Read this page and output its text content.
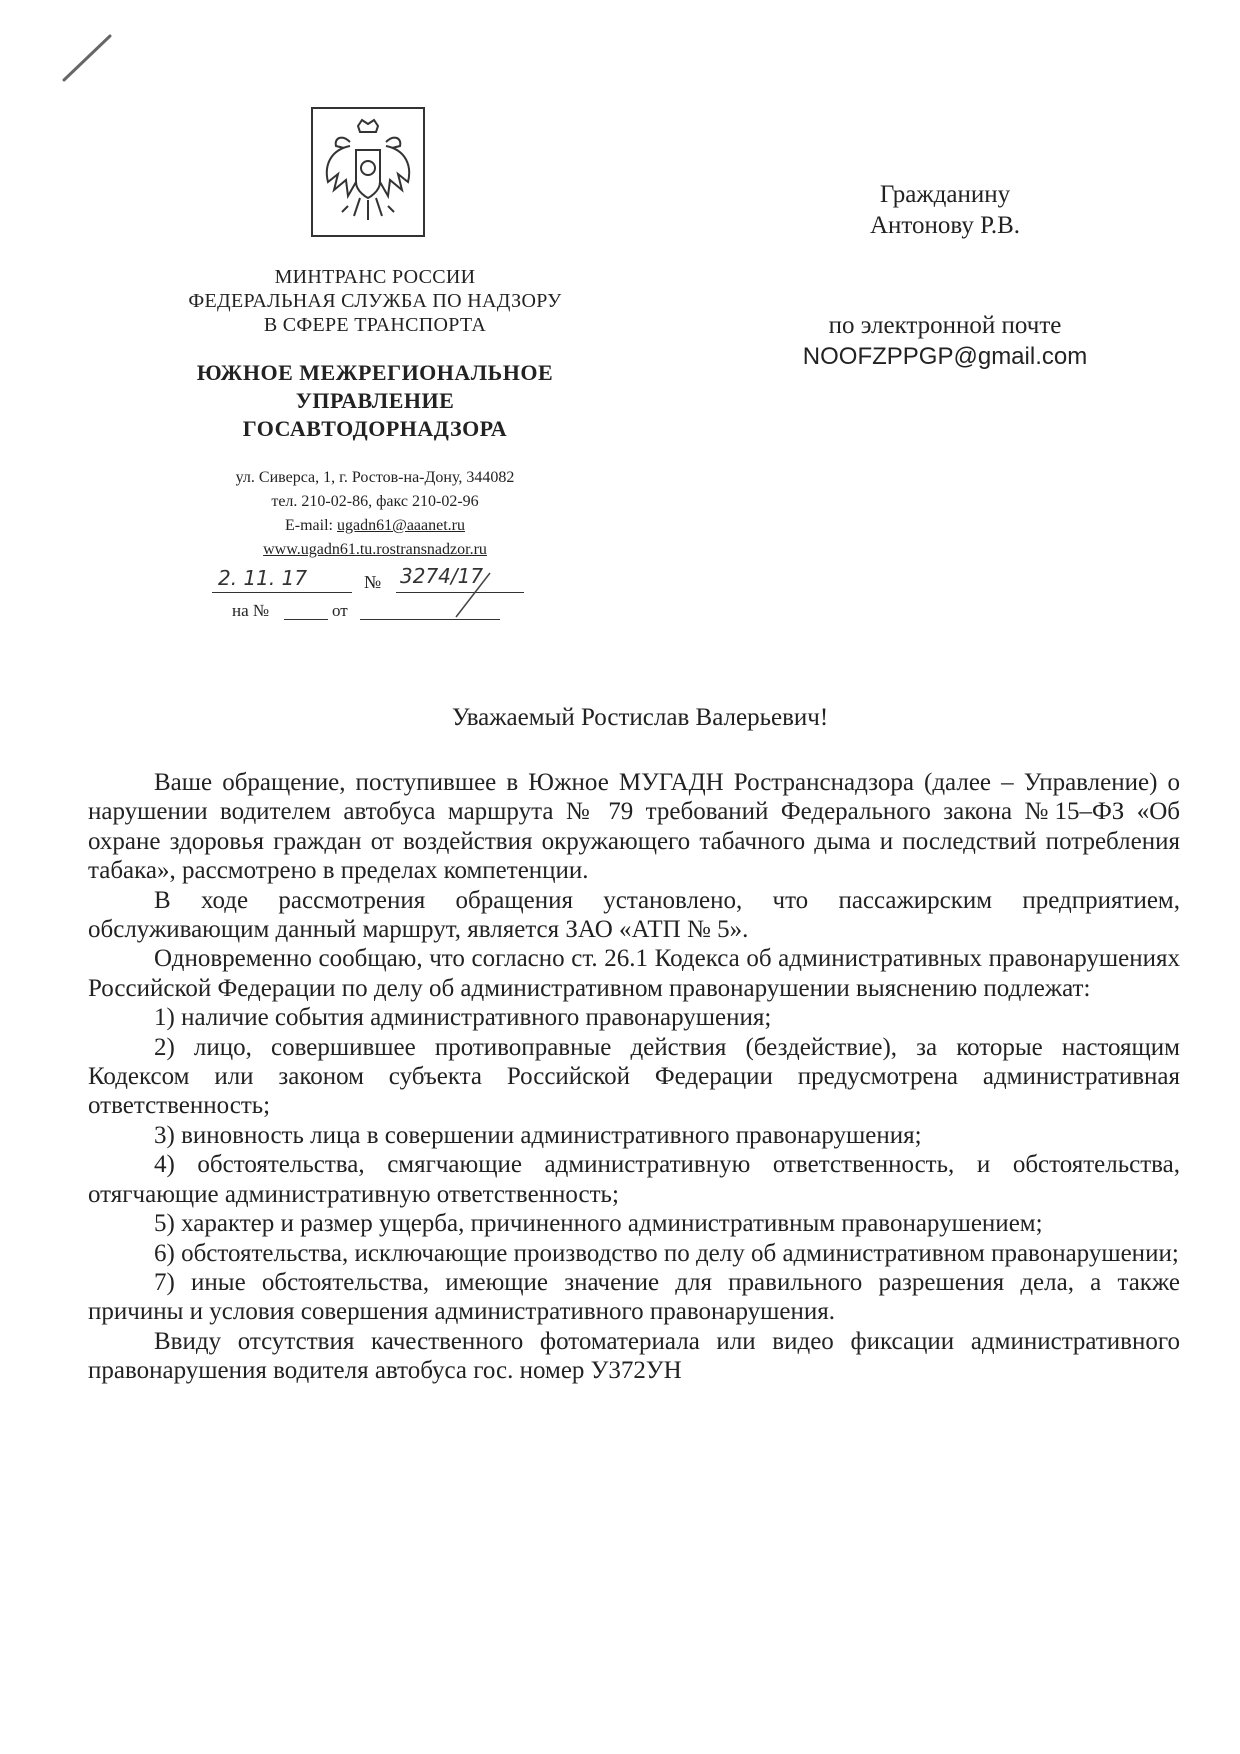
МИНТРАНС РОССИИ
ФЕДЕРАЛЬНАЯ СЛУЖБА ПО НАДЗОРУ
В СФЕРЕ ТРАНСПОРТА
ЮЖНОЕ МЕЖРЕГИОНАЛЬНОЕ
УПРАВЛЕНИЕ
ГОСАВТОДОРНАДЗОРА
ул. Сиверса, 1, г. Ростов-на-Дону, 344082
тел. 210-02-86, факс 210-02-96
E-mail: ugadn61@aaanet.ru
www.ugadn61.tu.rostransnadzor.ru
2. 11. 17	№ 3274/17
на №	от
Гражданину
Антонову Р.В.
по электронной почте
NOOFZPPGP@gmail.com
Уважаемый Ростислав Валерьевич!

Ваше обращение, поступившее в Южное МУГАДН Ространснадзора (далее – Управление) о нарушении водителем автобуса маршрута № 79 требований Федерального закона №15–ФЗ «Об охране здоровья граждан от воздействия окружающего табачного дыма и последствий потребления табака», рассмотрено в пределах компетенции.

В ходе рассмотрения обращения установлено, что пассажирским предприятием, обслуживающим данный маршрут, является ЗАО «АТП № 5».

Одновременно сообщаю, что согласно ст. 26.1 Кодекса об административных правонарушениях Российской Федерации по делу об административном правонарушении выяснению подлежат:

1) наличие события административного правонарушения;

2) лицо, совершившее противоправные действия (бездействие), за которые настоящим Кодексом или законом субъекта Российской Федерации предусмотрена административная ответственность;

3) виновность лица в совершении административного правонарушения;

4) обстоятельства, смягчающие административную ответственность, и обстоятельства, отягчающие административную ответственность;

5) характер и размер ущерба, причиненного административным правонарушением;

6) обстоятельства, исключающие производство по делу об административном правонарушении;

7) иные обстоятельства, имеющие значение для правильного разрешения дела, а также причины и условия совершения административного правонарушения.

Ввиду отсутствия качественного фотоматериала или видео фиксации административного правонарушения водителя автобуса гос. номер У372УН
